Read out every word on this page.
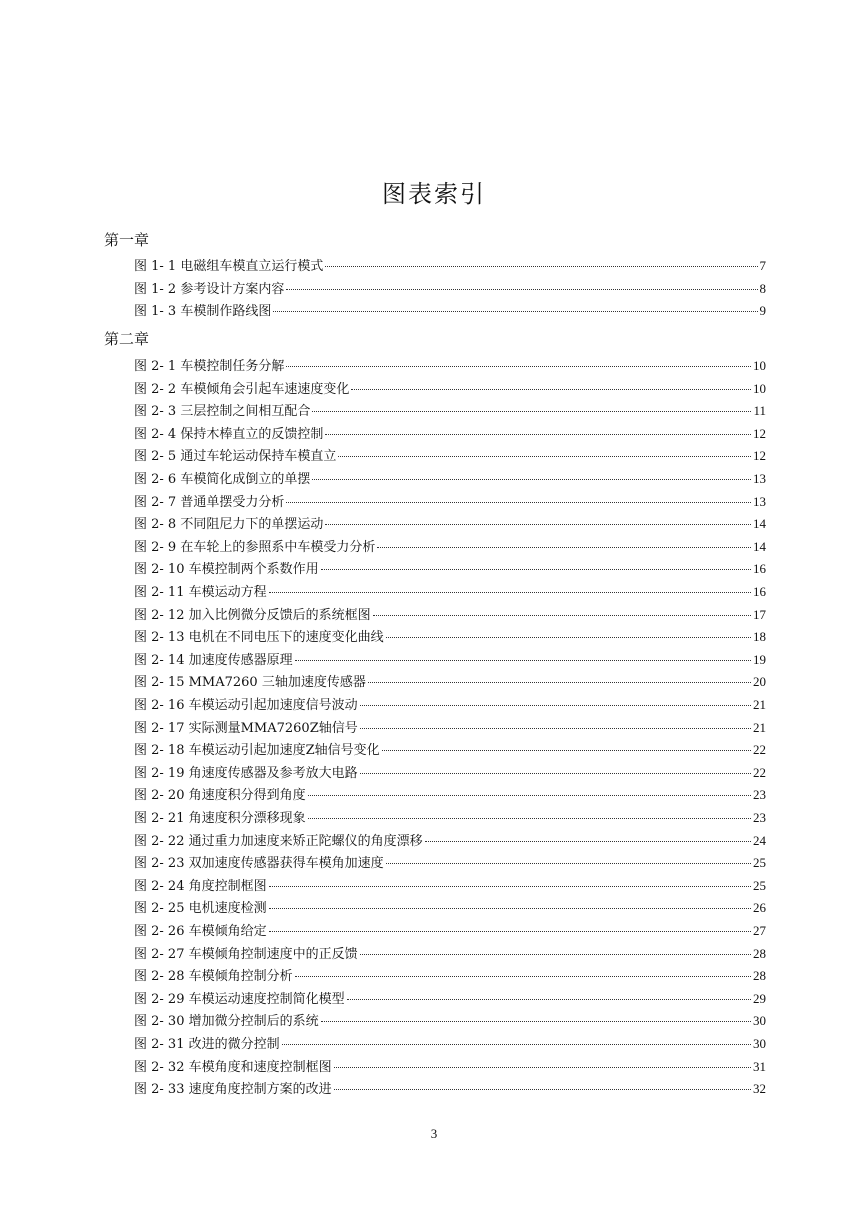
图表索引
第一章
图 1- 1 电磁组车模直立运行模式	7
图 1- 2 参考设计方案内容	8
图 1- 3 车模制作路线图	9
第二章
图 2- 1 车模控制任务分解	10
图 2- 2 车模倾角会引起车速速度变化	10
图 2- 3 三层控制之间相互配合	11
图 2- 4 保持木棒直立的反馈控制	12
图 2- 5 通过车轮运动保持车模直立	12
图 2- 6 车模简化成倒立的单摆	13
图 2- 7 普通单摆受力分析	13
图 2- 8 不同阻尼力下的单摆运动	14
图 2- 9 在车轮上的参照系中车模受力分析	14
图 2- 10 车模控制两个系数作用	16
图 2- 11 车模运动方程	16
图 2- 12 加入比例微分反馈后的系统框图	17
图 2- 13 电机在不同电压下的速度变化曲线	18
图 2- 14 加速度传感器原理	19
图 2- 15 MMA7260 三轴加速度传感器	20
图 2- 16 车模运动引起加速度信号波动	21
图 2- 17 实际测量MMA7260Z轴信号	21
图 2- 18 车模运动引起加速度Z轴信号变化	22
图 2- 19 角速度传感器及参考放大电路	22
图 2- 20 角速度积分得到角度	23
图 2- 21 角速度积分漂移现象	23
图 2- 22 通过重力加速度来矫正陀螺仪的角度漂移	24
图 2- 23 双加速度传感器获得车模角加速度	25
图 2- 24 角度控制框图	25
图 2- 25 电机速度检测	26
图 2- 26 车模倾角给定	27
图 2- 27 车模倾角控制速度中的正反馈	28
图 2- 28 车模倾角控制分析	28
图 2- 29 车模运动速度控制简化模型	29
图 2- 30 增加微分控制后的系统	30
图 2- 31 改进的微分控制	30
图 2- 32 车模角度和速度控制框图	31
图 2- 33 速度角度控制方案的改进	32
3
